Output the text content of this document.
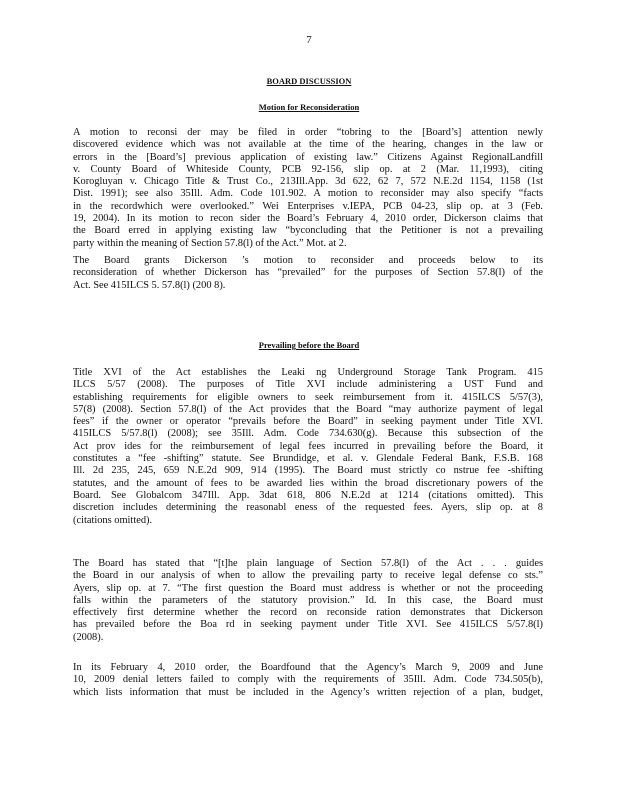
7
BOARD DISCUSSION
Motion for Reconsideration
A motion to reconsi der may be filed in order “tobring to the [Board’s] attention newly
discovered evidence which was not available at the time of the hearing, changes in the law or
errors in the [Board’s] previous application of existing law.” Citizens Against RegionalLandfill
v. County Board of Whiteside County, PCB 92-156, slip op. at 2 (Mar. 11,1993), citing
Korogluyan v. Chicago Title & Trust Co., 213Ill.App. 3d 622, 62 7, 572 N.E.2d 1154, 1158 (1st
Dist. 1991); see also 35Ill. Adm. Code 101.902. A motion to reconsider may also specify “facts
in the recordwhich were overlooked.” Wei Enterprises v.IEPA, PCB 04-23, slip op. at 3 (Feb.
19, 2004). In its motion to recon sider the Board’s February 4, 2010 order, Dickerson claims that
the Board erred in applying existing law “byconcluding that the Petitioner is not a prevailing
party within the meaning of Section 57.8(l) of the Act.” Mot. at 2.
The Board grants Dickerson ’s motion to reconsider and proceeds below to its
reconsideration of whether Dickerson has “prevailed” for the purposes of Section 57.8(l) of the
Act. See 415ILCS 5. 57.8(l) (200 8).
Prevailing before the Board
Title XVI of the Act establishes the Leaki ng Underground Storage Tank Program. 415
ILCS 5/57 (2008). The purposes of Title XVI include administering a UST Fund and
establishing requirements for eligible owners to seek reimbursement from it. 415ILCS 5/57(3),
57(8) (2008). Section 57.8(l) of the Act provides that the Board “may authorize payment of legal
fees” if the owner or operator “prevails before the Board” in seeking payment under Title XVI.
415ILCS 5/57.8(l) (2008); see 35Ill. Adm. Code 734.630(g). Because this subsection of the
Act prov ides for the reimbursement of legal fees incurred in prevailing before the Board, it
constitutes a “fee -shifting” statute. See Brundidge, et al. v. Glendale Federal Bank, F.S.B. 168
Ill. 2d 235, 245, 659 N.E.2d 909, 914 (1995). The Board must strictly co nstrue fee -shifting
statutes, and the amount of fees to be awarded lies within the broad discretionary powers of the
Board. See Globalcom 347Ill. App. 3dat 618, 806 N.E.2d at 1214 (citations omitted). This
discretion includes determining the reasonabl eness of the requested fees. Ayers, slip op. at 8
(citations omitted).
The Board has stated that “[t]he plain language of Section 57.8(l) of the Act . . . guides
the Board in our analysis of when to allow the prevailing party to receive legal defense co sts.”
Ayers, slip op. at 7. “The first question the Board must address is whether or not the proceeding
falls within the parameters of the statutory provision.” Id. In this case, the Board must
effectively first determine whether the record on reconside ration demonstrates that Dickerson
has prevailed before the Boa rd in seeking payment under Title XVI. See 415ILCS 5/57.8(l)
(2008).
In its February 4, 2010 order, the Boardfound that the Agency’s March 9, 2009 and June
10, 2009 denial letters failed to comply with the requirements of 35Ill. Adm. Code 734.505(b),
which lists information that must be included in the Agency’s written rejection of a plan, budget,
